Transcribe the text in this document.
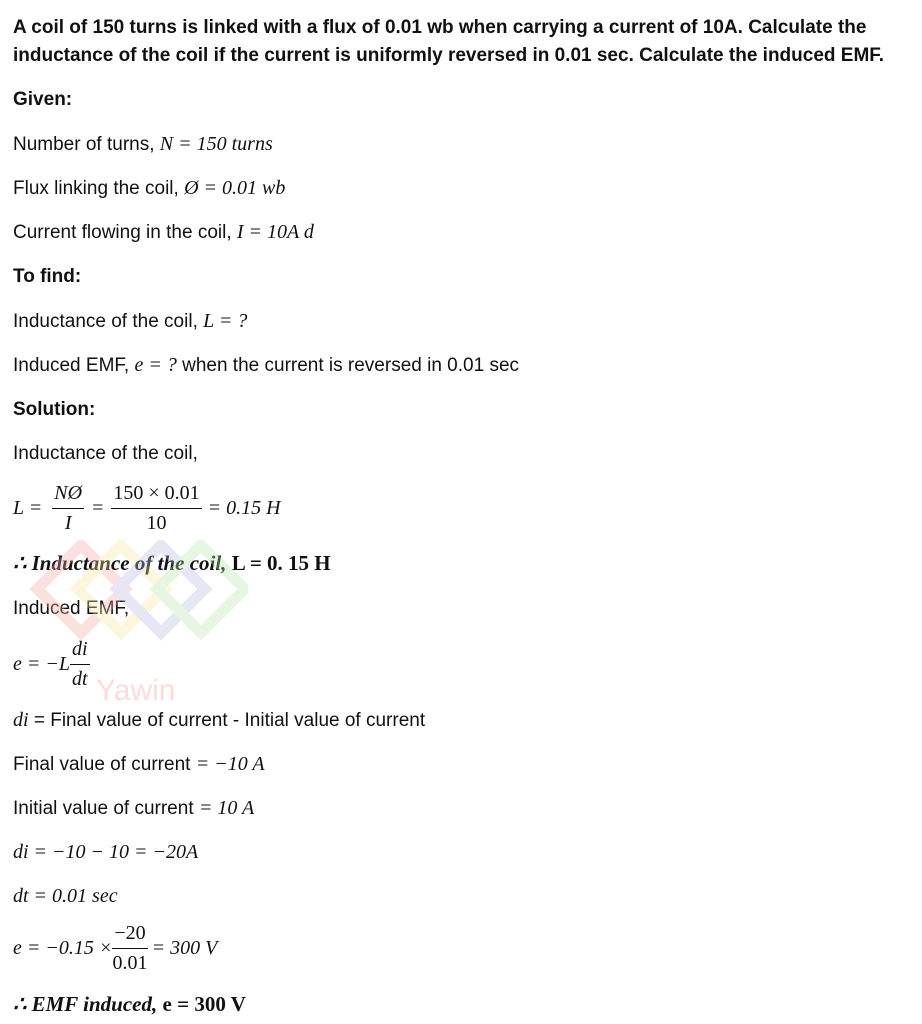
A coil of 150 turns is linked with a flux of 0.01 wb when carrying a current of 10A. Calculate the
inductance of the coil if the current is uniformly reversed in 0.01 sec. Calculate the induced EMF.
Given:
Number of turns, N = 150 turns
Flux linking the coil, Ø = 0.01 wb
Current flowing in the coil, I = 10A d
To find:
Inductance of the coil, L = ?
Induced EMF, e = ? when the current is reversed in 0.01 sec
Solution:
Inductance of the coil,
$L = \frac{NØ}{I} = \frac{150 \times 0.01}{10} = 0.15$ H
∴ Inductance of the coil, L = 0. 15 H
Induced EMF,
$e = -L \frac{di}{dt}$
di = Final value of current - Initial value of current
Final value of current = −10 A
Initial value of current = 10 A
di = −10 − 10 = −20A
dt = 0.01 sec
$e = -0.15 \times \frac{-20}{0.01} = 300$ V
∴ EMF induced, e = 300 V
Yawin
